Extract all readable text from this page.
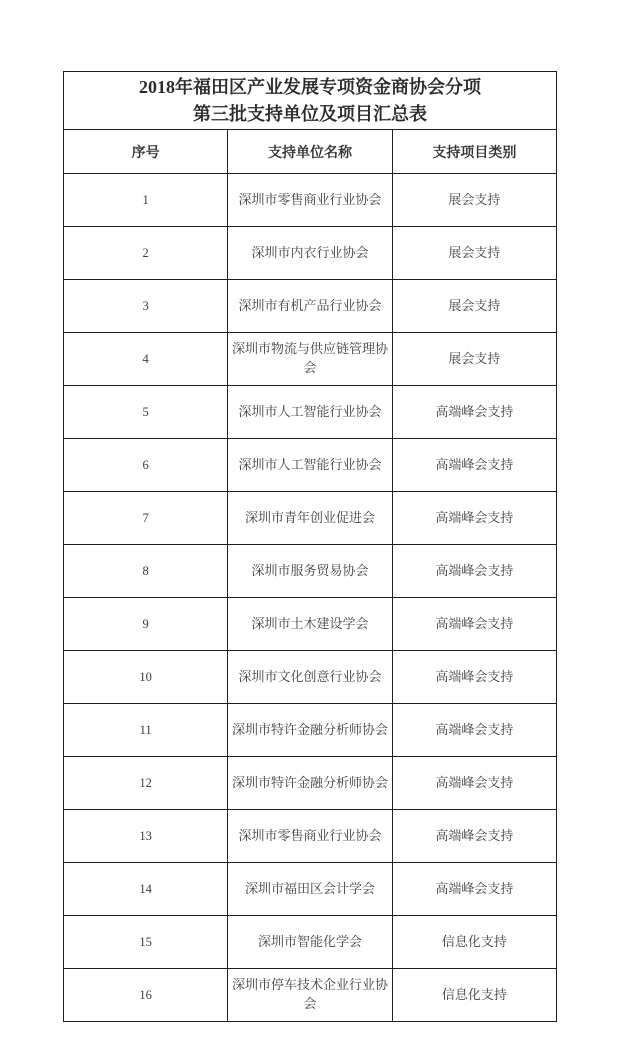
2018年福田区产业发展专项资金商协会分项
第三批支持单位及项目汇总表		

序号	支持单位名称	支持项目类别
1	深圳市零售商业行业协会	展会支持
2	深圳市内衣行业协会	展会支持
3	深圳市有机产品行业协会	展会支持
4	深圳市物流与供应链管理协会	展会支持
5	深圳市人工智能行业协会	高端峰会支持
6	深圳市人工智能行业协会	高端峰会支持
7	深圳市青年创业促进会	高端峰会支持
8	深圳市服务贸易协会	高端峰会支持
9	深圳市土木建设学会	高端峰会支持
10	深圳市文化创意行业协会	高端峰会支持
11	深圳市特许金融分析师协会	高端峰会支持
12	深圳市特许金融分析师协会	高端峰会支持
13	深圳市零售商业行业协会	高端峰会支持
14	深圳市福田区会计学会	高端峰会支持
15	深圳市智能化学会	信息化支持
16	深圳市停车技术企业行业协会	信息化支持
